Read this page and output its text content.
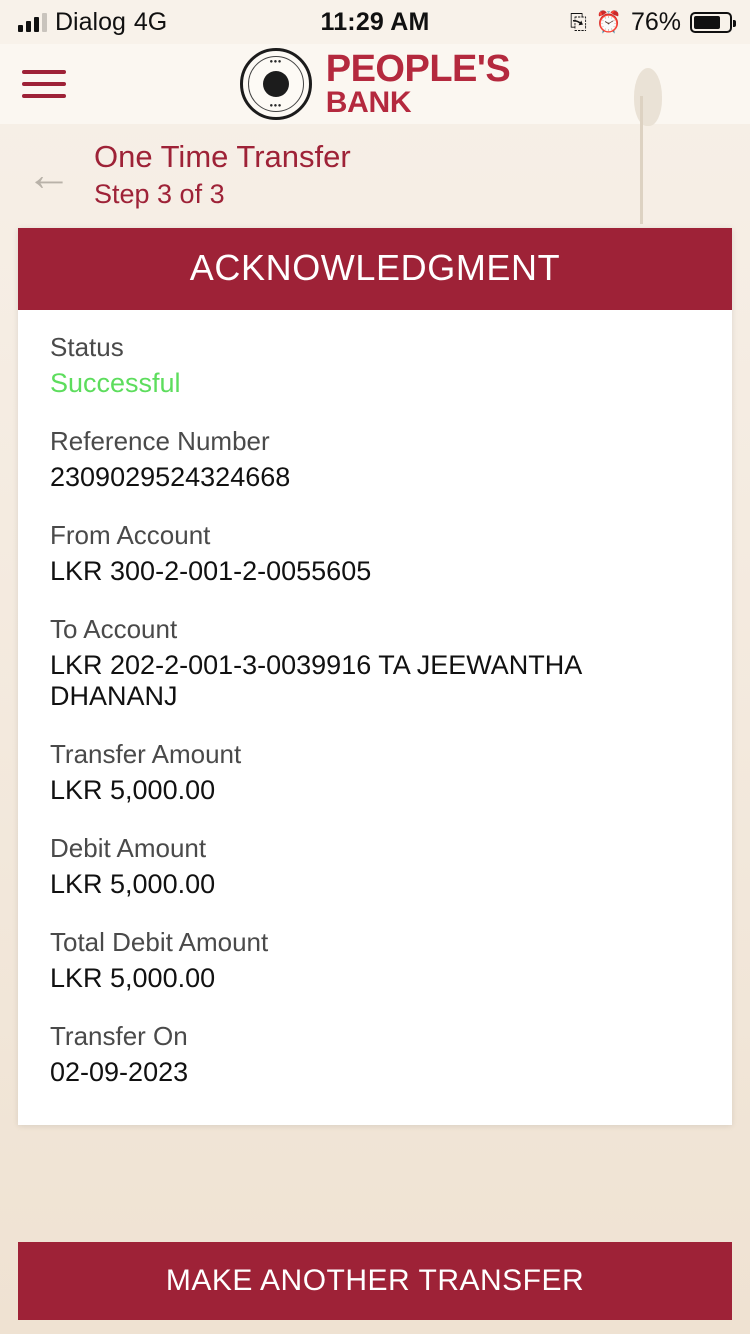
Dialog 4G	11:29 AM	⎘ ⏰ 76%
●●●
●●●
PEOPLE'S
BANK
← One Time Transfer
Step 3 of 3
ACKNOWLEDGMENT
Status
Successful
Reference Number
2309029524324668
From Account
LKR 300-2-001-2-0055605
To Account
LKR 202-2-001-3-0039916 TA JEEWANTHA DHANANJ
Transfer Amount
LKR 5,000.00
Debit Amount
LKR 5,000.00
Total Debit Amount
LKR 5,000.00
Transfer On
02-09-2023
MAKE ANOTHER TRANSFER
